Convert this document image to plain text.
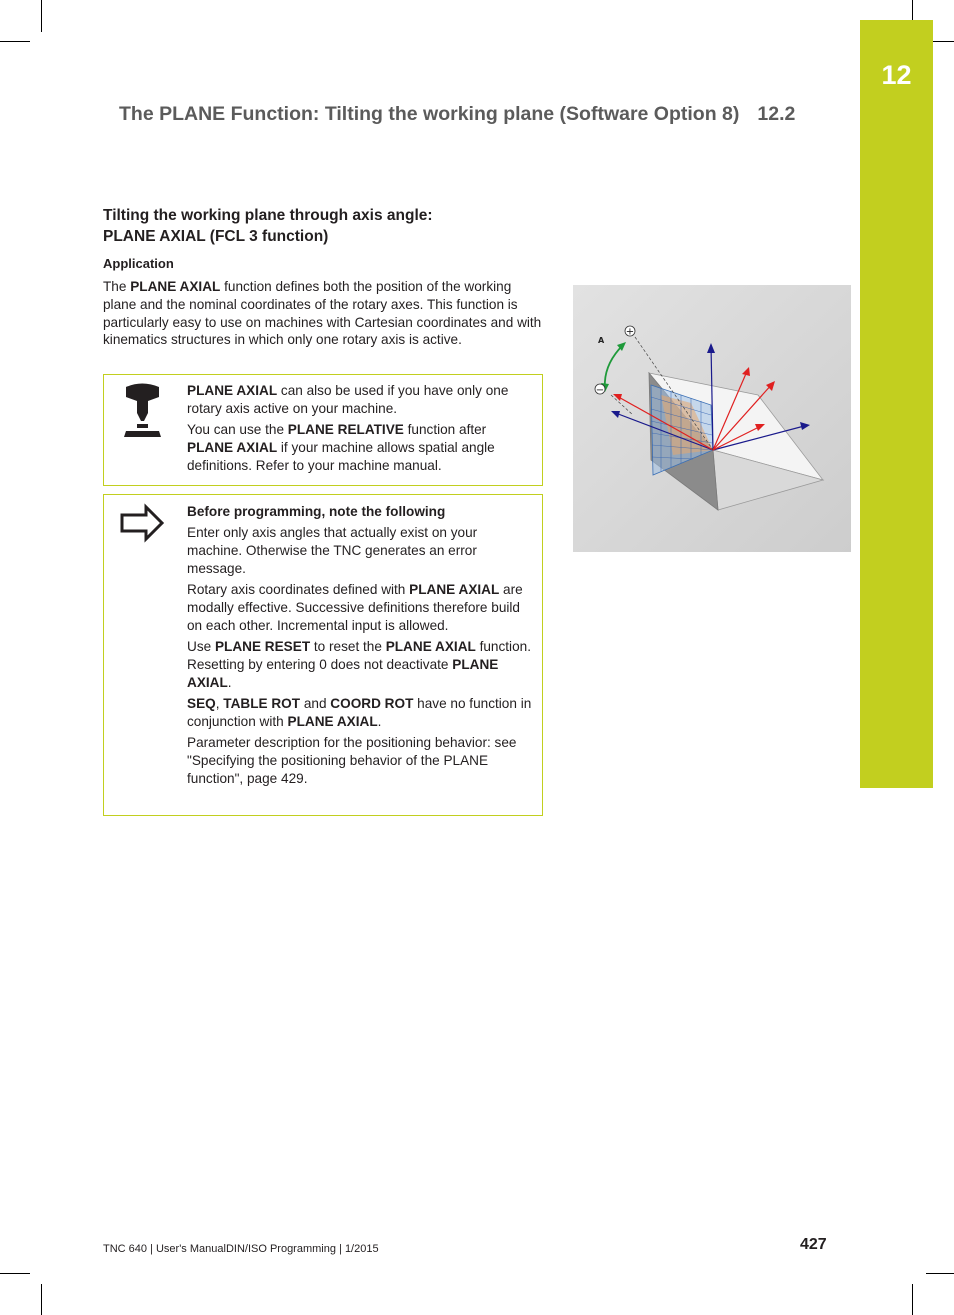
12
The PLANE Function: Tilting the working plane (Software Option 8) 12.2
Tilting the working plane through axis angle:
PLANE AXIAL (FCL 3 function)
Application
The PLANE AXIAL function defines both the position of the working plane and the nominal coordinates of the rotary axes. This function is particularly easy to use on machines with Cartesian coordinates and with kinematics structures in which only one rotary axis is active.

PLANE AXIAL can also be used if you have only one rotary axis active on your machine.

You can use the PLANE RELATIVE function after PLANE AXIAL if your machine allows spatial angle definitions. Refer to your machine manual.

Before programming, note the following

Enter only axis angles that actually exist on your machine. Otherwise the TNC generates an error message.

Rotary axis coordinates defined with PLANE AXIAL are modally effective. Successive definitions therefore build on each other. Incremental input is allowed.

Use PLANE RESET to reset the PLANE AXIAL function. Resetting by entering 0 does not deactivate PLANE AXIAL.

SEQ, TABLE ROT and COORD ROT have no function in conjunction with PLANE AXIAL.

Parameter description for the positioning behavior: see "Specifying the positioning behavior of the PLANE function", page 429.

+
−
A
TNC 640 | User's ManualDIN/ISO Programming | 1/2015	427
